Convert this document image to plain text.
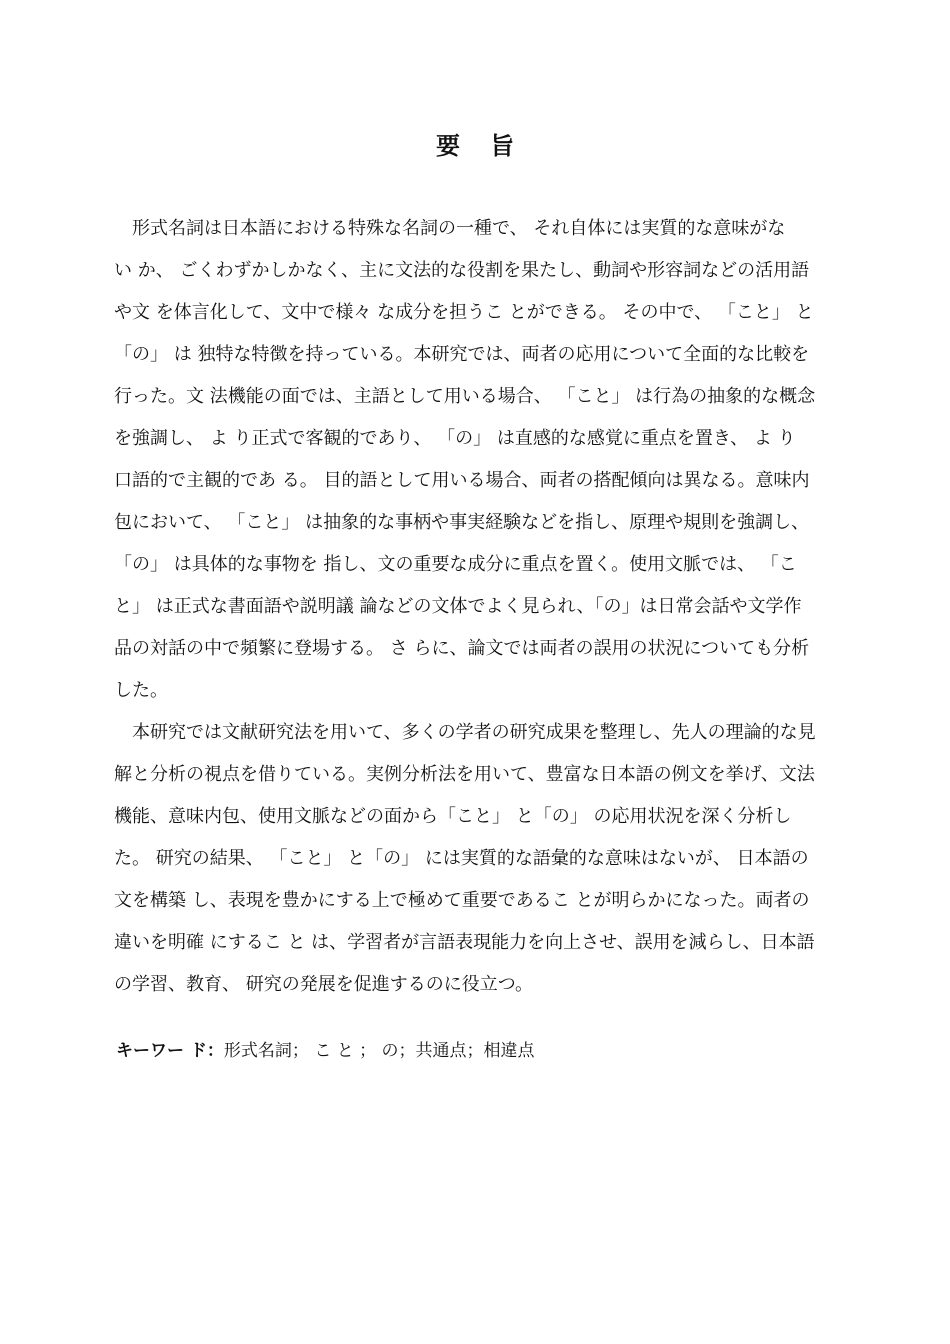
要 旨
　形式名詞は日本語における特殊な名詞の一種で、 それ自体には実質的な意味がな
い か、 ごくわずかしかなく、主に文法的な役割を果たし、動詞や形容詞などの活用語
や文 を体言化して、文中で様々 な成分を担うこ とができる。 その中で、 「こと」 と
「の」 は 独特な特徴を持っている。本研究では、両者の応用について全面的な比較を
行った。文 法機能の面では、主語として用いる場合、 「こと」 は行為の抽象的な概念
を強調し、 よ り正式で客観的であり、 「の」 は直感的な感覚に重点を置き、 よ り
口語的で主観的であ る。 目的語として用いる場合、両者の搭配傾向は異なる。意味内
包において、 「こと」 は抽象的な事柄や事実経験などを指し、原理や規則を強調し、
「の」 は具体的な事物を 指し、文の重要な成分に重点を置く。使用文脈では、 「こ
と」 は正式な書面語や説明議 論などの文体でよく見られ、「の」は日常会話や文学作
品の対話の中で頻繁に登場する。 さ らに、論文では両者の誤用の状況についても分析
した。
　本研究では文献研究法を用いて、多くの学者の研究成果を整理し、先人の理論的な見
解と分析の視点を借りている。実例分析法を用いて、豊富な日本語の例文を挙げ、文法
機能、意味内包、使用文脈などの面から「こと」 と「の」 の応用状況を深く分析し
た。 研究の結果、 「こと」 と「の」 には実質的な語彙的な意味はないが、 日本語の
文を構築 し、表現を豊かにする上で極めて重要であるこ とが明らかになった。両者の
違いを明確 にするこ と は、学習者が言語表現能力を向上させ、誤用を減らし、日本語
の学習、教育、 研究の発展を促進するのに役立つ。
キーワー ド：形式名詞； こ と ； の；共通点；相違点
